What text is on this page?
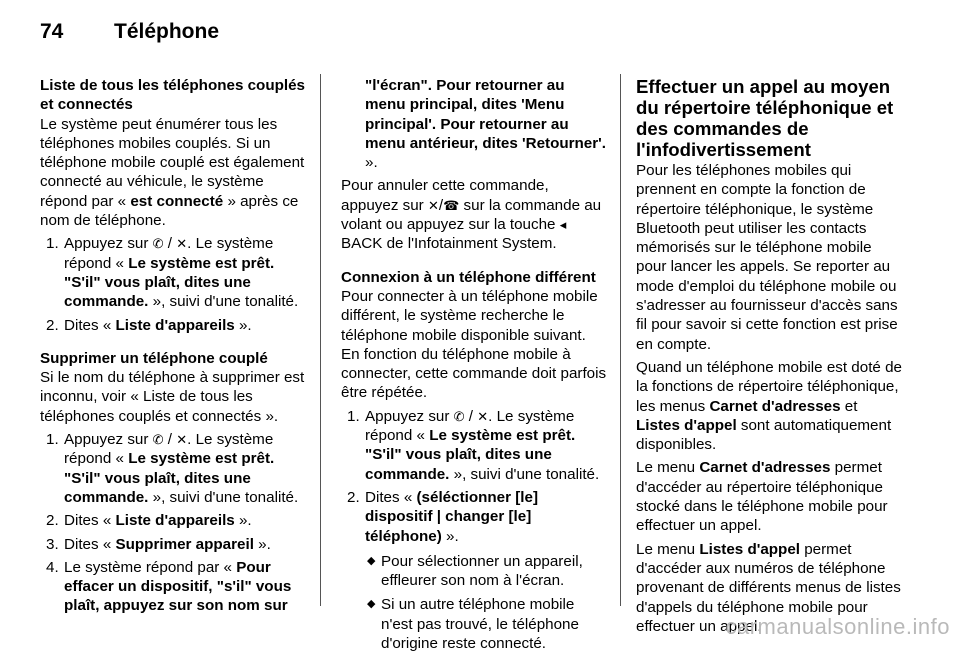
74 Téléphone
Liste de tous les téléphones couplés et connectés

Le système peut énumérer tous les téléphones mobiles couplés. Si un téléphone mobile couplé est également connecté au véhicule, le système répond par « est connecté » après ce nom de téléphone.

1. Appuyez sur ✆ / ✕. Le système répond « Le système est prêt. "S'il" vous plaît, dites une commande. », suivi d'une tonalité.
2. Dites « Liste d'appareils ».
Supprimer un téléphone couplé

Si le nom du téléphone à supprimer est inconnu, voir « Liste de tous les téléphones couplés et connectés ».

1. Appuyez sur ✆ / ✕. Le système répond « Le système est prêt. "S'il" vous plaît, dites une commande. », suivi d'une tonalité.
2. Dites « Liste d'appareils ».
3. Dites « Supprimer appareil ».
4. Le système répond par « Pour effacer un dispositif, "s'il" vous plaît, appuyez sur son nom sur

"l'écran". Pour retourner au menu principal, dites 'Menu principal'. Pour retourner au menu antérieur, dites 'Retourner'. ».

Pour annuler cette commande, appuyez sur ✕/☎ sur la commande au volant ou appuyez sur la touche ◂ BACK de l'Infotainment System.

Connexion à un téléphone différent

Pour connecter à un téléphone mobile différent, le système recherche le téléphone mobile disponible suivant. En fonction du téléphone mobile à connecter, cette commande doit parfois être répétée.

1. Appuyez sur ✆ / ✕. Le système répond « Le système est prêt. "S'il" vous plaît, dites une commande. », suivi d'une tonalité.
2. Dites « (séléctionner [le] dispositif | changer [le] téléphone) ».
◆ Pour sélectionner un appareil, effleurer son nom à l'écran.
◆ Si un autre téléphone mobile n'est pas trouvé, le téléphone d'origine reste connecté.
Effectuer un appel au moyen du répertoire téléphonique et des commandes de l'infodivertissement

Pour les téléphones mobiles qui prennent en compte la fonction de répertoire téléphonique, le système Bluetooth peut utiliser les contacts mémorisés sur le téléphone mobile pour lancer les appels. Se reporter au mode d'emploi du téléphone mobile ou s'adresser au fournisseur d'accès sans fil pour savoir si cette fonction est prise en compte.

Quand un téléphone mobile est doté de la fonctions de répertoire téléphonique, les menus Carnet d'adresses et Listes d'appel sont automatiquement disponibles.

Le menu Carnet d'adresses permet d'accéder au répertoire téléphonique stocké dans le téléphone mobile pour effectuer un appel.

Le menu Listes d'appel permet d'accéder aux numéros de téléphone provenant de différents menus de listes d'appels du téléphone mobile pour effectuer un appel.

carmanualsonline.info
